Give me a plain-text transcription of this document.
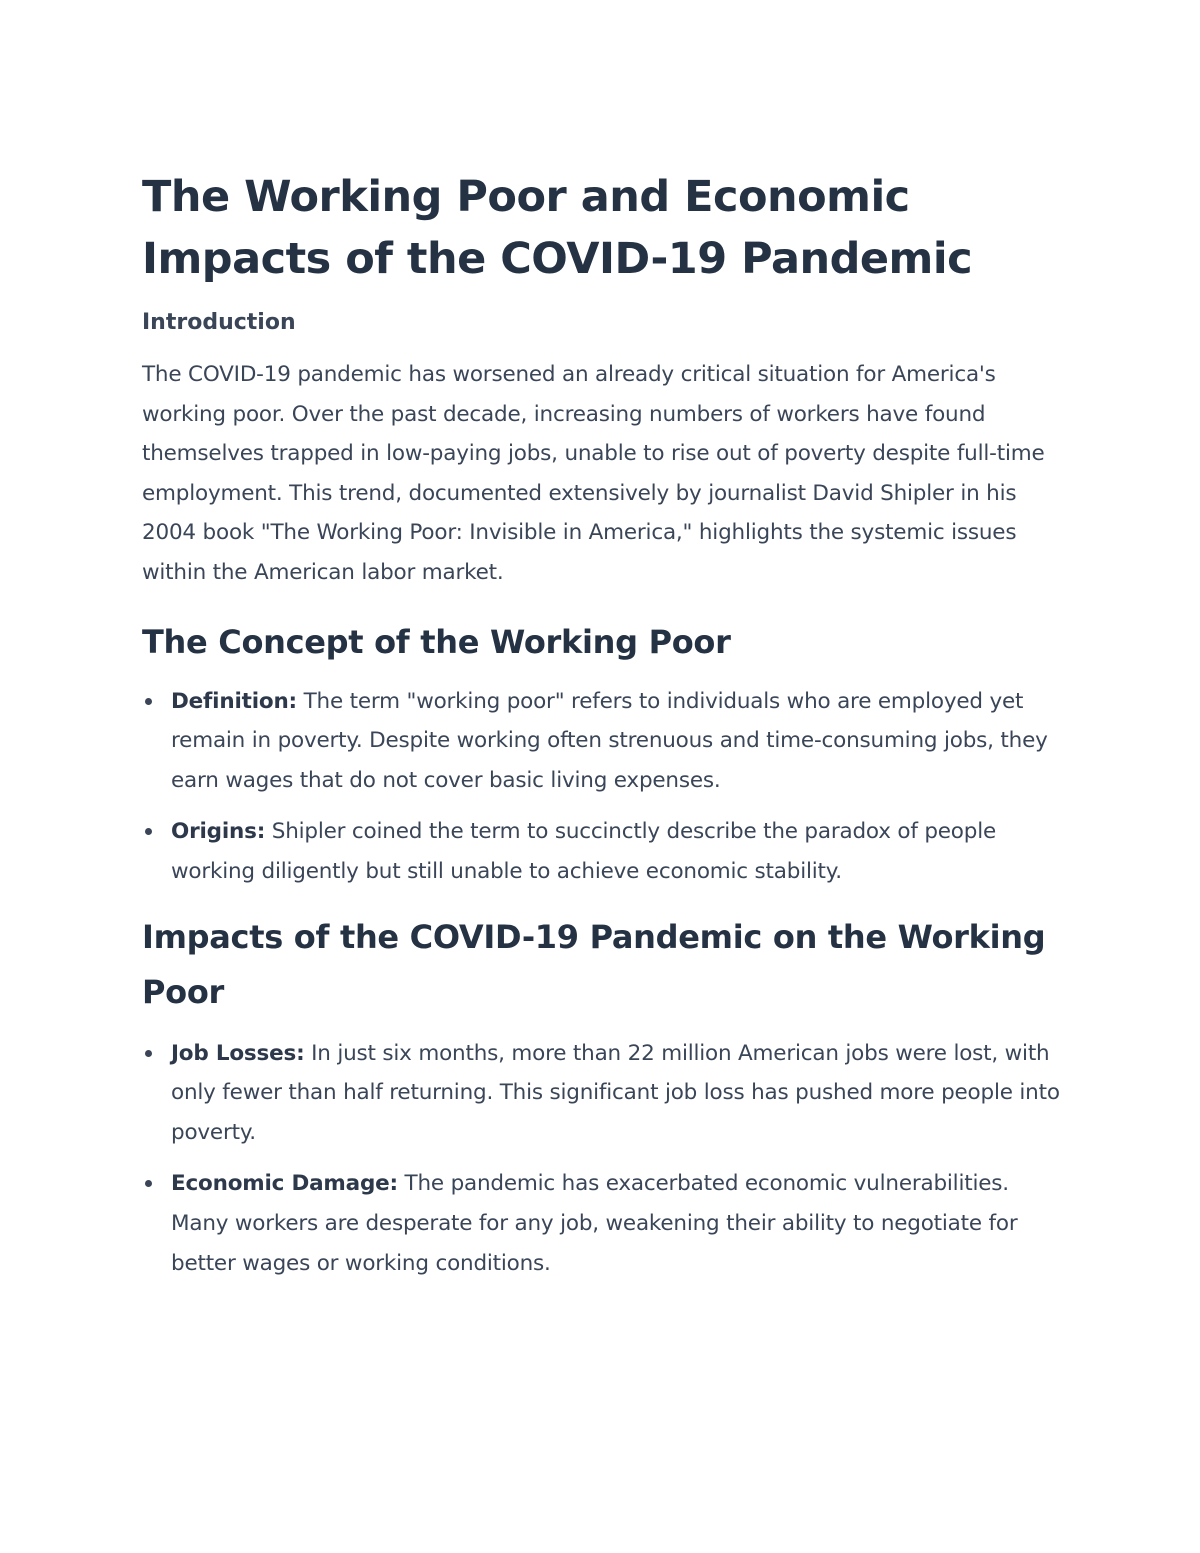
The Working Poor and Economic Impacts of the COVID-19 Pandemic
Introduction

The COVID-19 pandemic has worsened an already critical situation for America's working poor. Over the past decade, increasing numbers of workers have found themselves trapped in low-paying jobs, unable to rise out of poverty despite full-time employment. This trend, documented extensively by journalist David Shipler in his 2004 book "The Working Poor: Invisible in America," highlights the systemic issues within the American labor market.

The Concept of the Working Poor
Definition: The term "working poor" refers to individuals who are employed yet remain in poverty. Despite working often strenuous and time-consuming jobs, they earn wages that do not cover basic living expenses.
Origins: Shipler coined the term to succinctly describe the paradox of people working diligently but still unable to achieve economic stability.
Impacts of the COVID-19 Pandemic on the Working Poor
Job Losses: In just six months, more than 22 million American jobs were lost, with only fewer than half returning. This significant job loss has pushed more people into poverty.
Economic Damage: The pandemic has exacerbated economic vulnerabilities. Many workers are desperate for any job, weakening their ability to negotiate for better wages or working conditions.
